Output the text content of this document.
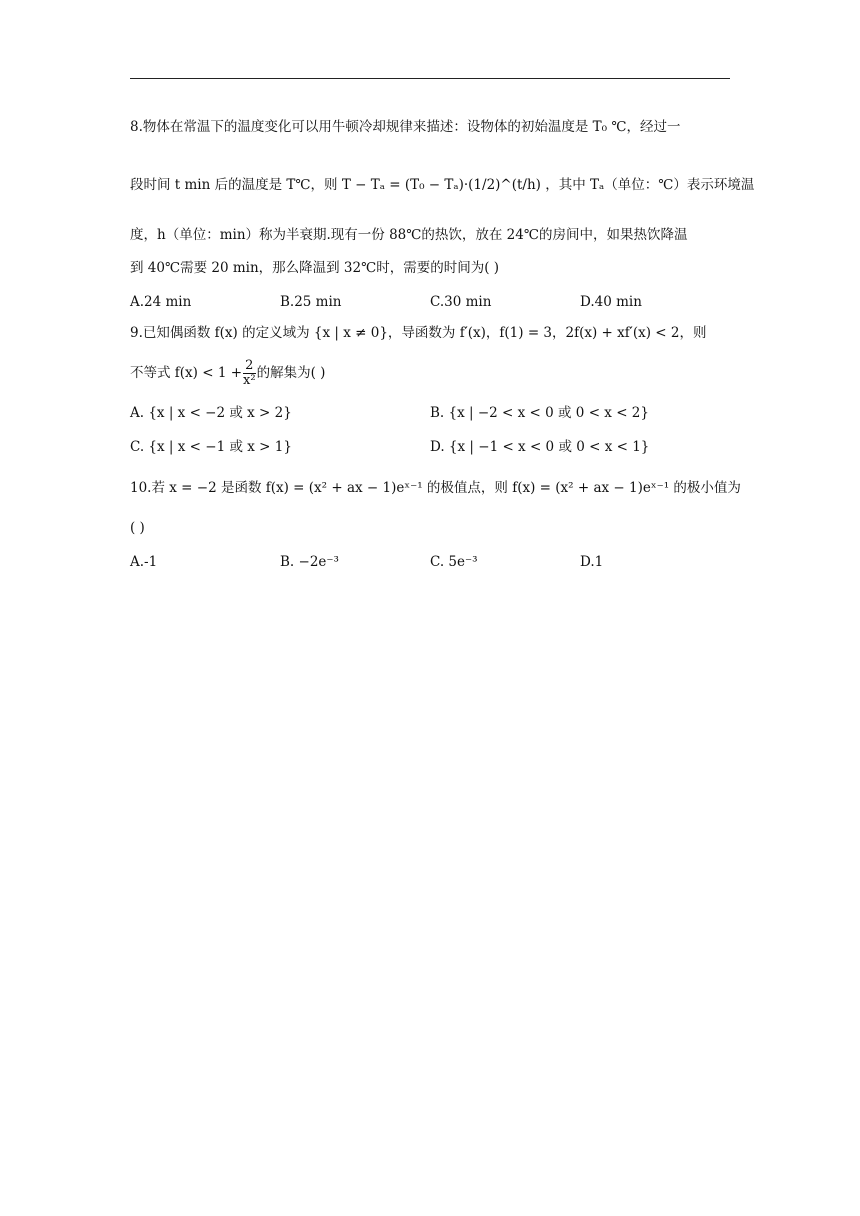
8.物体在常温下的温度变化可以用牛顿冷却规律来描述：设物体的初始温度是 T₀ ℃，经过一
段时间 t min 后的温度是 T℃，则 T − Tₐ = (T₀ − Tₐ)·(1/2)^(t/h) ，其中 Tₐ（单位：℃）表示环境温
度，h（单位：min）称为半衰期.现有一份 88℃的热饮，放在 24℃的房间中，如果热饮降温
到 40℃需要 20 min，那么降温到 32℃时，需要的时间为( )
A.24 min	B.25 min	C.30 min	D.40 min
9.已知偶函数 f(x) 的定义域为 {x | x ≠ 0}，导函数为 f′(x)，f(1) = 3，2f(x) + xf′(x) < 2，则
不等式 $f(x) < 1 + \frac{2}{\text{x²}}$ 的解集为( )
A. {x | x < −2 或 x > 2}	B. {x | −2 < x < 0 或 0 < x < 2}
C. {x | x < −1 或 x > 1}	D. {x | −1 < x < 0 或 0 < x < 1}
10.若 x = −2 是函数 f(x) = (x² + ax − 1)eˣ⁻¹ 的极值点，则 f(x) = (x² + ax − 1)eˣ⁻¹ 的极小值为
( )
A.-1	B. −2e⁻³	C. 5e⁻³	D.1
